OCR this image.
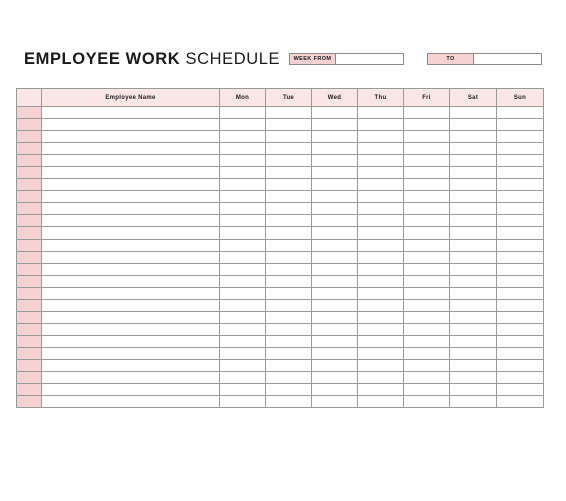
EMPLOYEE WORK SCHEDULE	WEEK FROM	TO
	Employee Name	Mon	Tue	Wed	Thu	Fri	Sat	Sun
